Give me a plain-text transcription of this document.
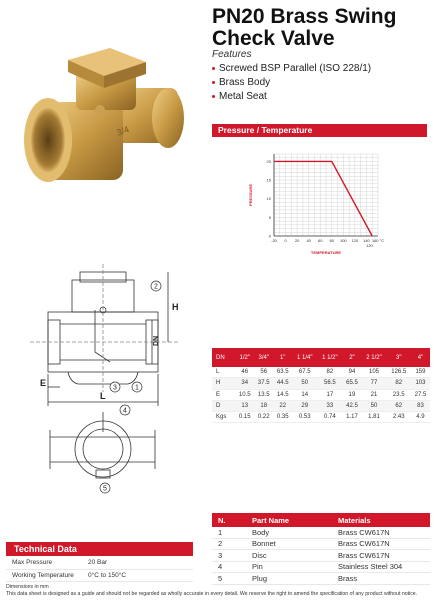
3/4
PN20 Brass Swing Check Valve
Features
Screwed BSP Parallel (ISO 228/1)
Brass Body
Metal Seat
Pressure / Temperature
-20 0 20 40 60 80 100 120 140 160 °C
0
5
10
15
20
TEMPERATURE
PRESSURE
120
H
DN
L
E
2
3	1
4
5
DN	1/2"	3/4"	1"	1 1/4"	1 1/2"	2"	2 1/2"	3"	4"
L	46	56	63.5	67.5	82	94	105	126.5	159
H	34	37.5	44.5	50	56.5	65.5	77	82	103
E	10.5	13.5	14.5	14	17	19	21	23.5	27.5
D	13	18	22	29	33	42.5	50	62	83
Kgs	0.15	0.22	0.35	0.53	0.74	1.17	1.81	2.43	4.9
N.	Part Name	Materials
1	Body	Brass CW617N
2	Bonnet	Brass CW617N
3	Disc	Brass CW617N
4	Pin	Stainless Steel 304
5	Plug	Brass
Technical Data
Max Pressure	20 Bar
Working Temperature	0°C to 150°C
Dimensions in mm
This data sheet is designed as a guide and should not be regarded as wholly accurate in every detail. We reserve the right to amend the specification of any product without notice.
